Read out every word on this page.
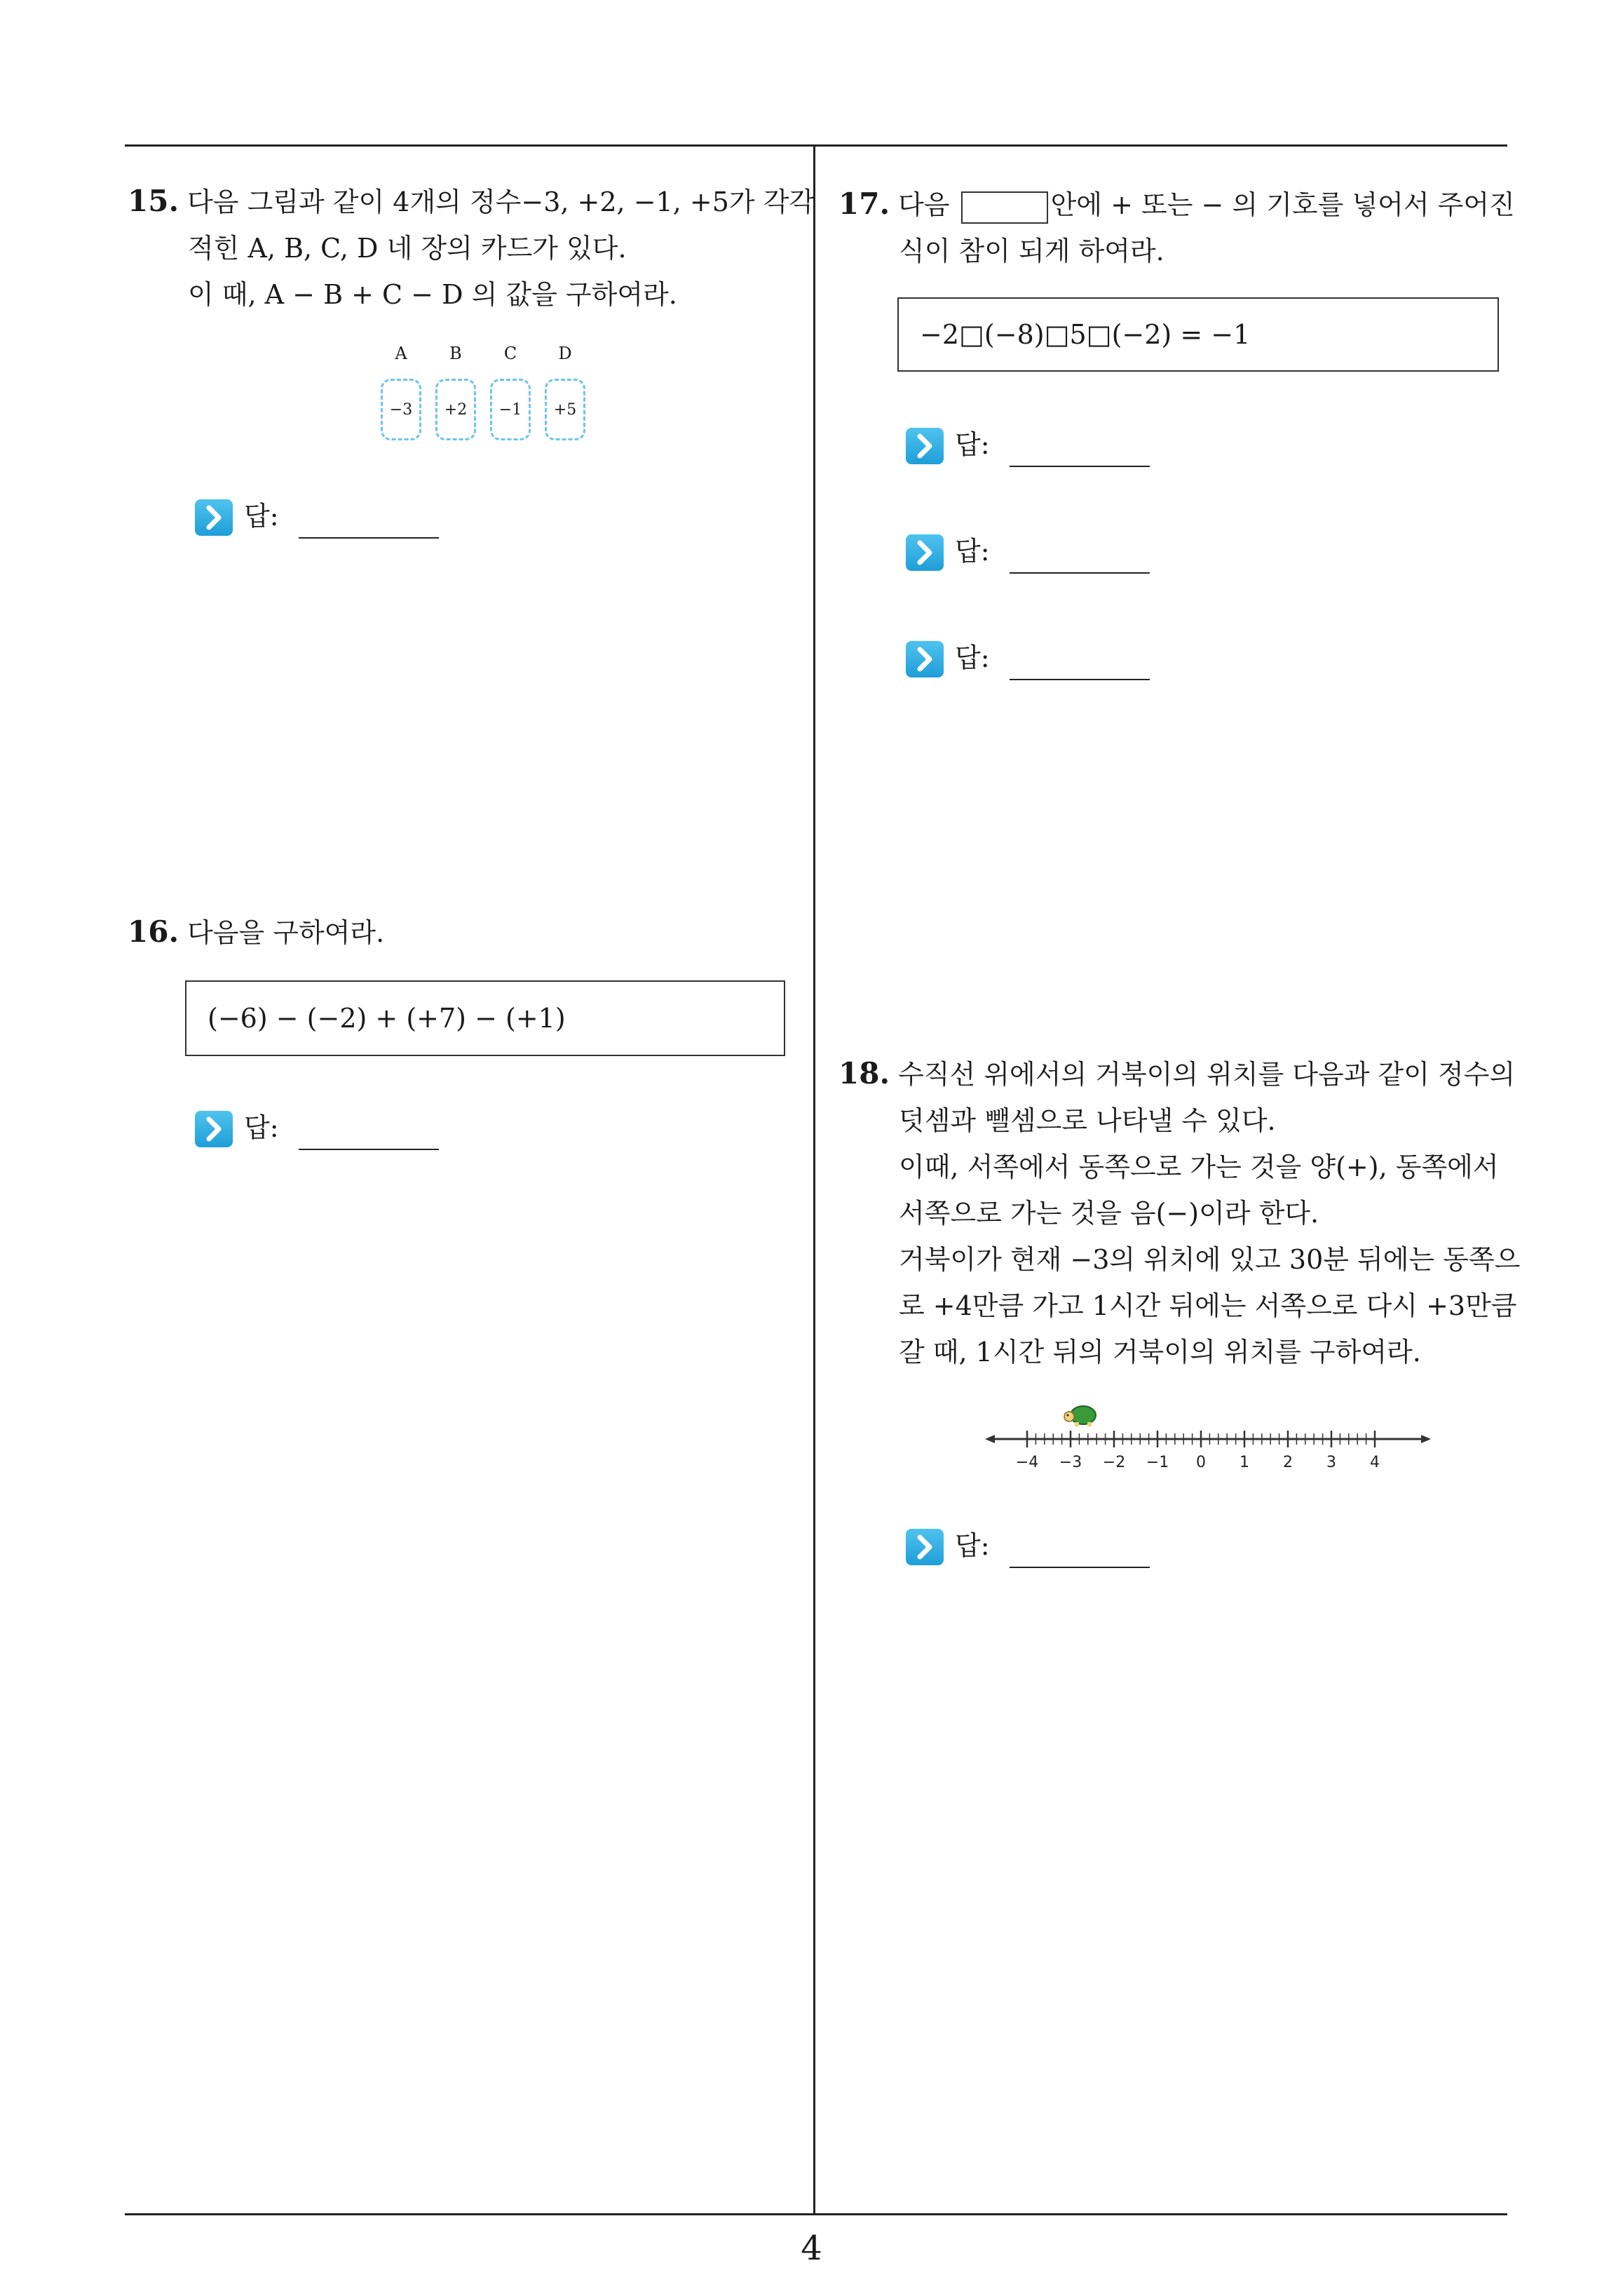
15. 다음 그림과 같이 4개의 정수−3, +2, −1, +5가 각각
적힌 A, B, C, D 네 장의 카드가 있다.
이 때, A − B + C − D 의 값을 구하여라.
A	B	C	D
−3	+2	−1	+5
답:
16. 다음을 구하여라.
(−6) − (−2) + (+7) − (+1)
답:
17. 다음	안에 + 또는 − 의 기호를 넣어서 주어진
식이 참이 되게 하여라.
−2□(−8)□5□(−2) = −1
답:
답:
답:
18. 수직선 위에서의 거북이의 위치를 다음과 같이 정수의
덧셈과 뺄셈으로 나타낼 수 있다.
이때, 서쪽에서 동쪽으로 가는 것을 양(+), 동쪽에서
서쪽으로 가는 것을 음(−)이라 한다.
거북이가 현재 −3의 위치에 있고 30분 뒤에는 동쪽으
로 +4만큼 가고 1시간 뒤에는 서쪽으로 다시 +3만큼
갈 때, 1시간 뒤의 거북이의 위치를 구하여라.
−4 −3 −2 −1 0 1 2 3 4
답:
4
